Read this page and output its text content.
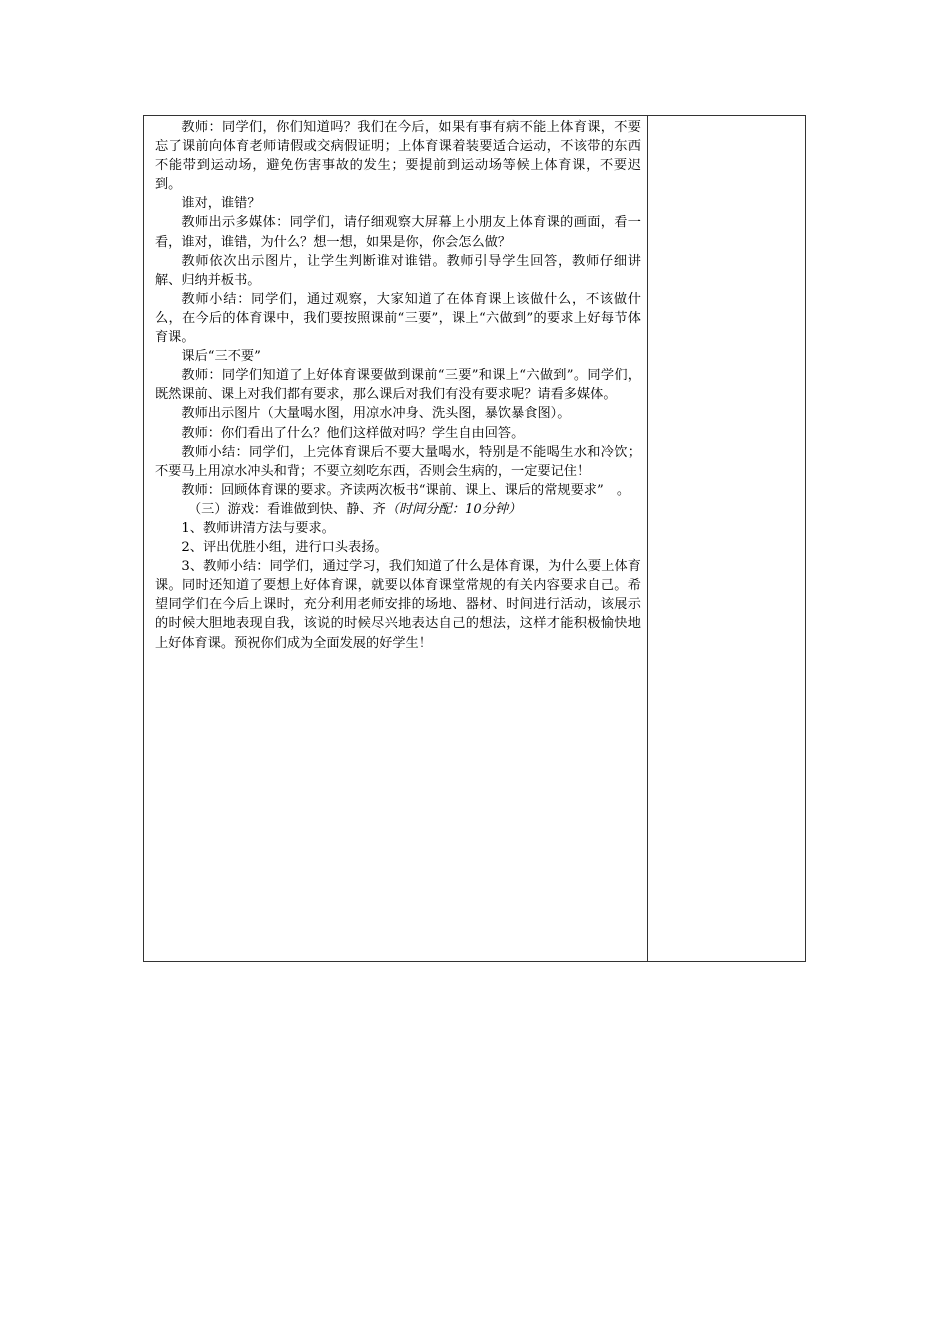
教师：同学们，你们知道吗？我们在今后，如果有事有病不能上体育课，不要忘了课前向体育老师请假或交病假证明；上体育课着装要适合运动，不该带的东西不能带到运动场，避免伤害事故的发生；要提前到运动场等候上体育课，不要迟到。

谁对，谁错？

教师出示多媒体：同学们，请仔细观察大屏幕上小朋友上体育课的画面，看一看，谁对，谁错，为什么？想一想，如果是你，你会怎么做？

教师依次出示图片，让学生判断谁对谁错。教师引导学生回答，教师仔细讲解、归纳并板书。

教师小结：同学们，通过观察，大家知道了在体育课上该做什么，不该做什么，在今后的体育课中，我们要按照课前“三要”，课上“六做到”的要求上好每节体育课。

课后“三不要”

教师：同学们知道了上好体育课要做到课前“三要”和课上“六做到”。同学们，既然课前、课上对我们都有要求，那么课后对我们有没有要求呢？请看多媒体。

教师出示图片（大量喝水图，用凉水冲身、洗头图，暴饮暴食图）。

教师：你们看出了什么？他们这样做对吗？学生自由回答。

教师小结：同学们，上完体育课后不要大量喝水，特别是不能喝生水和冷饮；不要马上用凉水冲头和背；不要立刻吃东西，否则会生病的，一定要记住！

教师：回顾体育课的要求。齐读两次板书“课前、课上、课后的常规要求”　。

（三）游戏：看谁做到快、静、齐（时间分配：10分钟）

1、教师讲清方法与要求。

2、评出优胜小组，进行口头表扬。

3、教师小结：同学们，通过学习，我们知道了什么是体育课，为什么要上体育课。同时还知道了要想上好体育课，就要以体育课堂常规的有关内容要求自己。希望同学们在今后上课时，充分利用老师安排的场地、器材、时间进行活动，该展示的时候大胆地表现自我，该说的时候尽兴地表达自己的想法，这样才能积极愉快地上好体育课。预祝你们成为全面发展的好学生！
